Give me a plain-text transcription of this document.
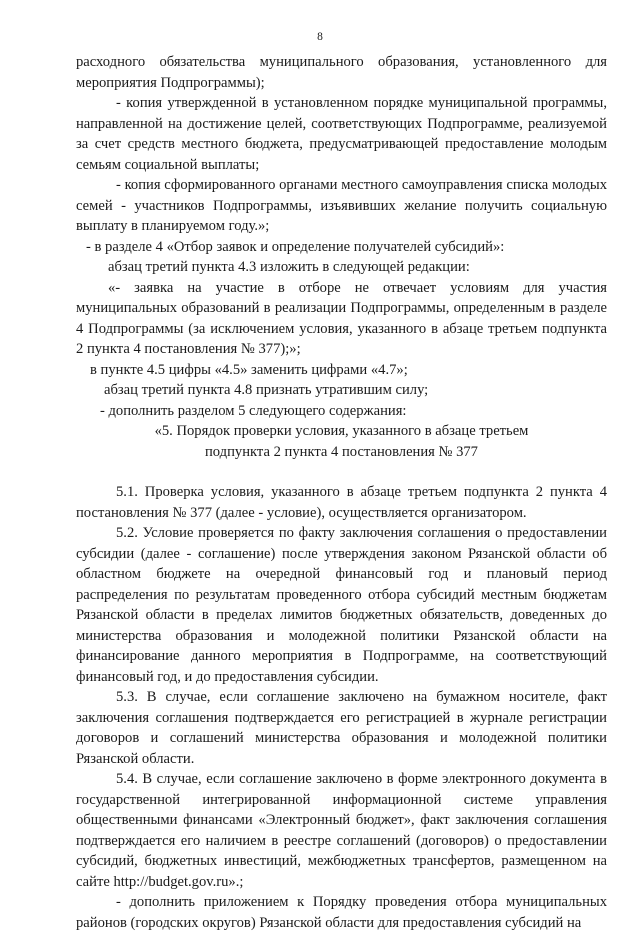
8

расходного обязательства муниципального образования, установленного для мероприятия Подпрограммы);

- копия утвержденной в установленном порядке муниципальной программы, направленной на достижение целей, соответствующих Подпрограмме, реализуемой за счет средств местного бюджета, предусматривающей предоставление молодым семьям социальной выплаты;

- копия сформированного органами местного самоуправления списка молодых семей - участников Подпрограммы, изъявивших желание получить социальную выплату в планируемом году.»;

- в разделе 4 «Отбор заявок и определение получателей субсидий»:

абзац третий пункта 4.3 изложить в следующей редакции:

«- заявка на участие в отборе не отвечает условиям для участия муниципальных образований в реализации Подпрограммы, определенным в разделе 4 Подпрограммы (за исключением условия, указанного в абзаце третьем подпункта 2 пункта 4 постановления № 377);»;

в пункте 4.5 цифры «4.5» заменить цифрами «4.7»;

абзац третий пункта 4.8 признать утратившим силу;

- дополнить разделом 5 следующего содержания:

«5. Порядок проверки условия, указанного в абзаце третьем

подпункта 2 пункта 4 постановления № 377

5.1. Проверка условия, указанного в абзаце третьем подпункта 2 пункта 4 постановления № 377 (далее - условие), осуществляется организатором.

5.2. Условие проверяется по факту заключения соглашения о предоставлении субсидии (далее - соглашение) после утверждения законом Рязанской области об областном бюджете на очередной финансовый год и плановый период распределения по результатам проведенного отбора субсидий местным бюджетам Рязанской области в пределах лимитов бюджетных обязательств, доведенных до министерства образования и молодежной политики Рязанской области на финансирование данного мероприятия в Подпрограмме, на соответствующий финансовый год, и до предоставления субсидии.

5.3. В случае, если соглашение заключено на бумажном носителе, факт заключения соглашения подтверждается его регистрацией в журнале регистрации договоров и соглашений министерства образования и молодежной политики Рязанской области.

5.4. В случае, если соглашение заключено в форме электронного документа в государственной интегрированной информационной системе управления общественными финансами «Электронный бюджет», факт заключения соглашения подтверждается его наличием в реестре соглашений (договоров) о предоставлении субсидий, бюджетных инвестиций, межбюджетных трансфертов, размещенном на сайте http://budget.gov.ru».;

- дополнить приложением к Порядку проведения отбора муниципальных районов (городских округов) Рязанской области для предоставления субсидий на
